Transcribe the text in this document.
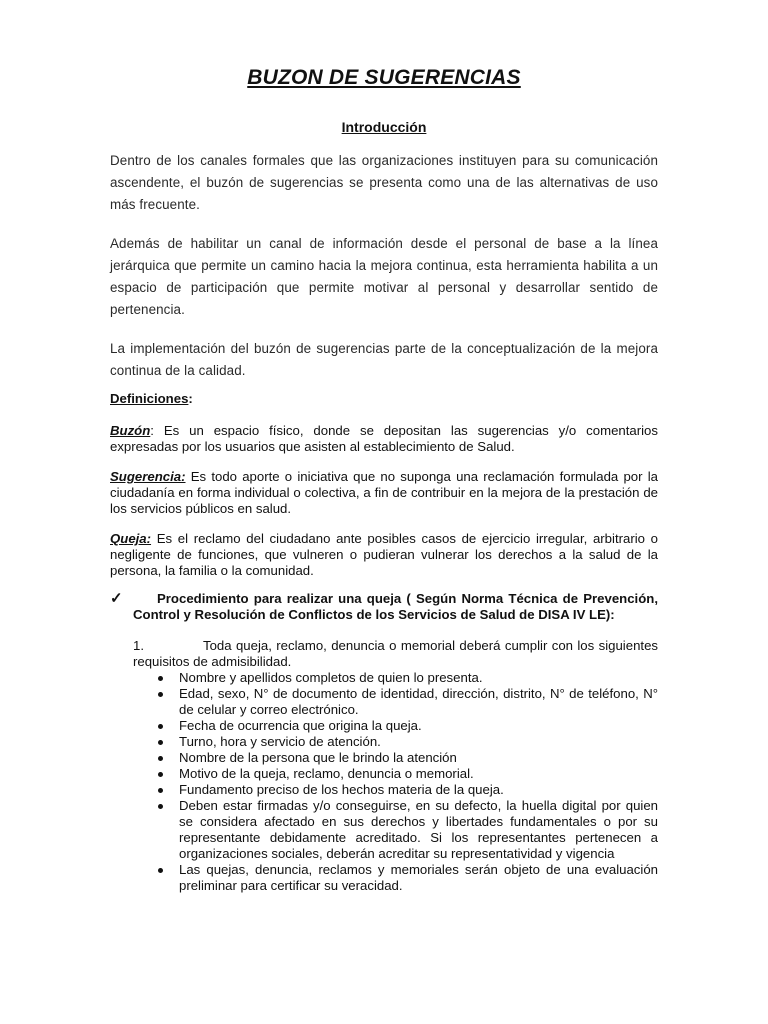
BUZON DE SUGERENCIAS
Introducción

Dentro de los canales formales que las organizaciones instituyen para su comunicación ascendente, el buzón de sugerencias se presenta como una de las alternativas de uso más frecuente.

Además de habilitar un canal de información desde el personal de base a la línea jerárquica que permite un camino hacia la mejora continua, esta herramienta habilita a un espacio de participación que permite motivar al personal y desarrollar sentido de pertenencia.

La implementación del buzón de sugerencias parte de la conceptualización de la mejora continua de la calidad.

Definiciones:

Buzón: Es un espacio físico, donde se depositan las sugerencias y/o comentarios expresadas por los usuarios que asisten al establecimiento de Salud.

Sugerencia: Es todo aporte o iniciativa que no suponga una reclamación formulada por la ciudadanía en forma individual o colectiva, a fin de contribuir en la mejora de la prestación de los servicios públicos en salud.

Queja: Es el reclamo del ciudadano ante posibles casos de ejercicio irregular, arbitrario o negligente de funciones, que vulneren o pudieran vulnerar los derechos a la salud de la persona, la familia o la comunidad.

✓	Procedimiento para realizar una queja ( Según Norma Técnica de Prevención, Control y Resolución de Conflictos de los Servicios de Salud de DISA IV LE):

1.	Toda queja, reclamo, denuncia o memorial deberá cumplir con los siguientes requisitos de admisibilidad.

Nombre y apellidos completos de quien lo presenta.
Edad, sexo, N° de documento de identidad, dirección, distrito, N° de teléfono, N° de celular y correo electrónico.
Fecha de ocurrencia que origina la queja.
Turno, hora y servicio de atención.
Nombre de la persona que le brindo la atención
Motivo de la queja, reclamo, denuncia o memorial.
Fundamento preciso de los hechos materia de la queja.
Deben estar firmadas y/o conseguirse, en su defecto, la huella digital por quien se considera afectado en sus derechos y libertades fundamentales o por su representante debidamente acreditado. Si los representantes pertenecen a organizaciones sociales, deberán acreditar su representatividad y vigencia
Las quejas, denuncia, reclamos y memoriales serán objeto de una evaluación preliminar para certificar su veracidad.
